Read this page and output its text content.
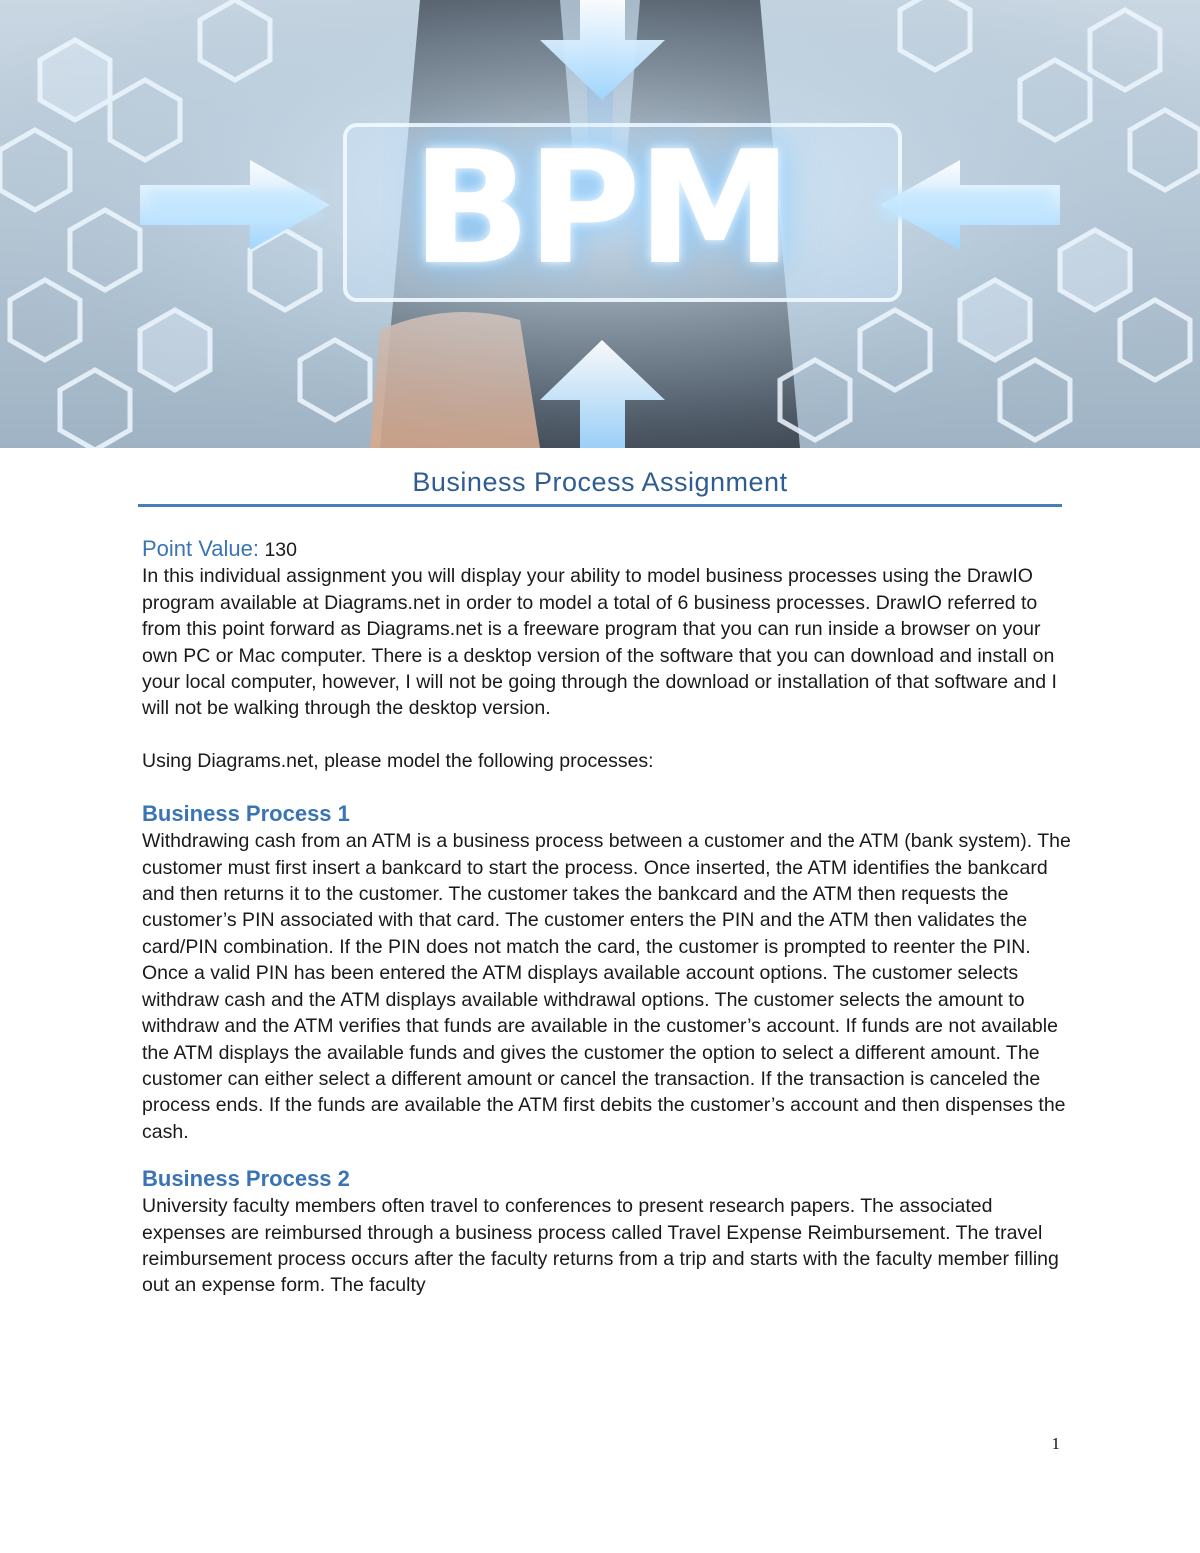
BPM
Business Process Assignment

Point Value: 130

In this individual assignment you will display your ability to model business processes using the DrawIO program available at Diagrams.net in order to model a total of 6 business processes. DrawIO referred to from this point forward as Diagrams.net is a freeware program that you can run inside a browser on your own PC or Mac computer. There is a desktop version of the software that you can download and install on your local computer, however, I will not be going through the download or installation of that software and I will not be walking through the desktop version.

Using Diagrams.net, please model the following processes:

Business Process 1

Withdrawing cash from an ATM is a business process between a customer and the ATM (bank system). The customer must first insert a bankcard to start the process. Once inserted, the ATM identifies the bankcard and then returns it to the customer. The customer takes the bankcard and the ATM then requests the customer’s PIN associated with that card. The customer enters the PIN and the ATM then validates the card/PIN combination. If the PIN does not match the card, the customer is prompted to reenter the PIN. Once a valid PIN has been entered the ATM displays available account options. The customer selects withdraw cash and the ATM displays available withdrawal options. The customer selects the amount to withdraw and the ATM verifies that funds are available in the customer’s account. If funds are not available the ATM displays the available funds and gives the customer the option to select a different amount. The customer can either select a different amount or cancel the transaction. If the transaction is canceled the process ends. If the funds are available the ATM first debits the customer’s account and then dispenses the cash.

Business Process 2

University faculty members often travel to conferences to present research papers. The associated expenses are reimbursed through a business process called Travel Expense Reimbursement. The travel reimbursement process occurs after the faculty returns from a trip and starts with the faculty member filling out an expense form. The faculty

1
